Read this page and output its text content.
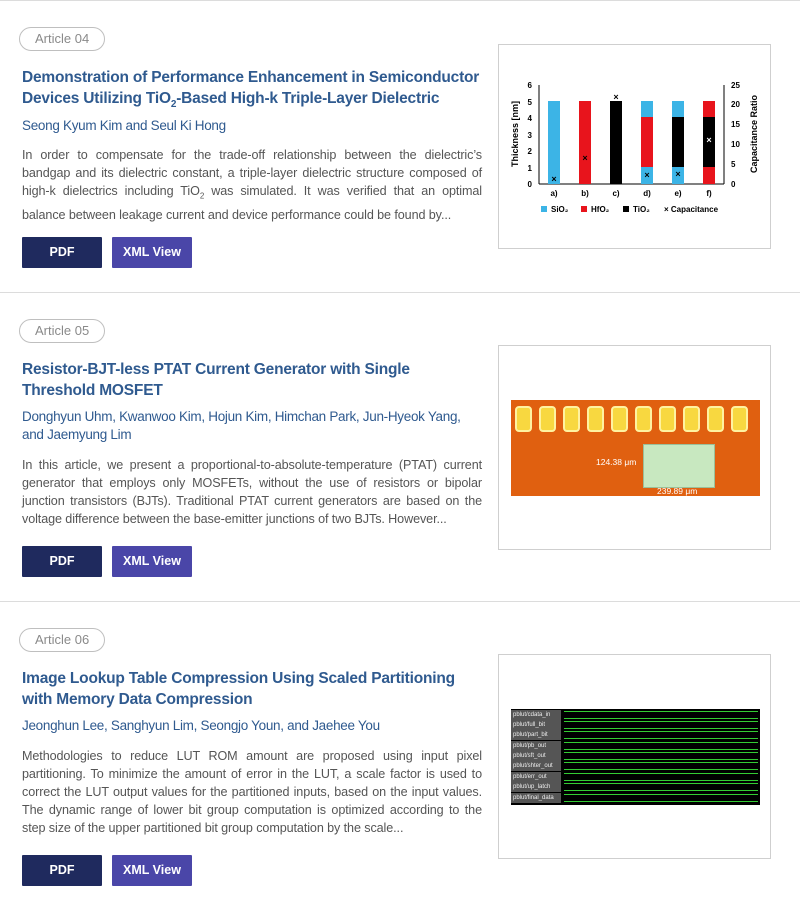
Article 04
Demonstration of Performance Enhancement in Semiconductor Devices Utilizing TiO$_2$-Based High-k Triple-Layer Dielectric
Seong Kyum Kim and Seul Ki Hong
In order to compensate for the trade-off relationship between the dielectric’s bandgap and its dielectric constant, a triple-layer dielectric structure composed of high-k dielectrics including TiO$_2$ was simulated. It was verified that an optimal balance between leakage current and device performance could be found by...
PDF DOWN
XML View
0
1
2
3
4
5
6
0
5
10
15
20
25
Thickness [nm]	Capacitance Ratio
×
×
×
×	×
×
a)	b)	c)	d)	e)	f)
SiO₂	HfO₂	TiO₂ × Capacitance
Article 05
Resistor-BJT-less PTAT Current Generator with Single Threshold MOSFET
Donghyun Uhm, Kwanwoo Kim, Hojun Kim, Himchan Park, Jun-Hyeok Yang, and Jaemyung Lim
In this article, we present a proportional-to-absolute-temperature (PTAT) current generator that employs only MOSFETs, without the use of resistors or bipolar junction transistors (BJTs). Traditional PTAT current generators are based on the voltage difference between the base-emitter junctions of two BJTs. However...
PDF DOWN
XML View
124.38 μm
239.89 μm
Article 06
Image Lookup Table Compression Using Scaled Partitioning with Memory Data Compression
Jeonghun Lee, Sanghyun Lim, Seongjo Youn, and Jaehee You
Methodologies to reduce LUT ROM amount are proposed using input pixel partitioning. To minimize the amount of error in the LUT, a scale factor is used to correct the LUT output values for the partitioned inputs, based on the input values. The dynamic range of lower bit group computation is optimized according to the step size of the upper partitioned bit group computation by the scale...
PDF DOWN
XML View
pblut/cdata_in
pblut/full_bit
pblut/part_bit
pblut/pb_out
pblut/sft_out
pblut/shter_out
pblut/err_out
pblut/up_latch
pblut/final_data
